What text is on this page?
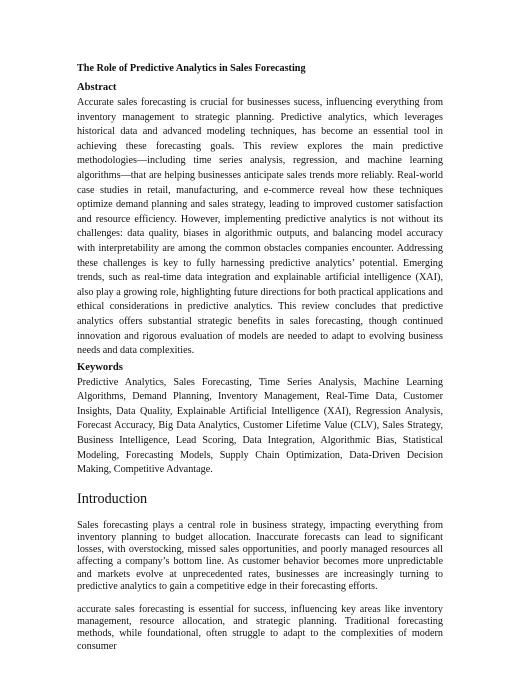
The Role of Predictive Analytics in Sales Forecasting
Abstract

Accurate sales forecasting is crucial for businesses sucess, influencing everything from inventory management to strategic planning. Predictive analytics, which leverages historical data and advanced modeling techniques, has become an essential tool in achieving these forecasting goals. This review explores the main predictive methodologies—including time series analysis, regression, and machine learning algorithms—that are helping businesses anticipate sales trends more reliably. Real-world case studies in retail, manufacturing, and e-commerce reveal how these techniques optimize demand planning and sales strategy, leading to improved customer satisfaction and resource efficiency. However, implementing predictive analytics is not without its challenges: data quality, biases in algorithmic outputs, and balancing model accuracy with interpretability are among the common obstacles companies encounter. Addressing these challenges is key to fully harnessing predictive analytics’ potential. Emerging trends, such as real-time data integration and explainable artificial intelligence (XAI), also play a growing role, highlighting future directions for both practical applications and ethical considerations in predictive analytics. This review concludes that predictive analytics offers substantial strategic benefits in sales forecasting, though continued innovation and rigorous evaluation of models are needed to adapt to evolving business needs and data complexities.

Keywords

Predictive Analytics, Sales Forecasting, Time Series Analysis, Machine Learning Algorithms, Demand Planning, Inventory Management, Real-Time Data, Customer Insights, Data Quality, Explainable Artificial Intelligence (XAI), Regression Analysis, Forecast Accuracy, Big Data Analytics, Customer Lifetime Value (CLV), Sales Strategy, Business Intelligence, Lead Scoring, Data Integration, Algorithmic Bias, Statistical Modeling, Forecasting Models, Supply Chain Optimization, Data-Driven Decision Making, Competitive Advantage.

Introduction

Sales forecasting plays a central role in business strategy, impacting everything from inventory planning to budget allocation. Inaccurate forecasts can lead to significant losses, with overstocking, missed sales opportunities, and poorly managed resources all affecting a company’s bottom line. As customer behavior becomes more unpredictable and markets evolve at unprecedented rates, businesses are increasingly turning to predictive analytics to gain a competitive edge in their forecasting efforts.

accurate sales forecasting is essential for success, influencing key areas like inventory management, resource allocation, and strategic planning. Traditional forecasting methods, while foundational, often struggle to adapt to the complexities of modern consumer
